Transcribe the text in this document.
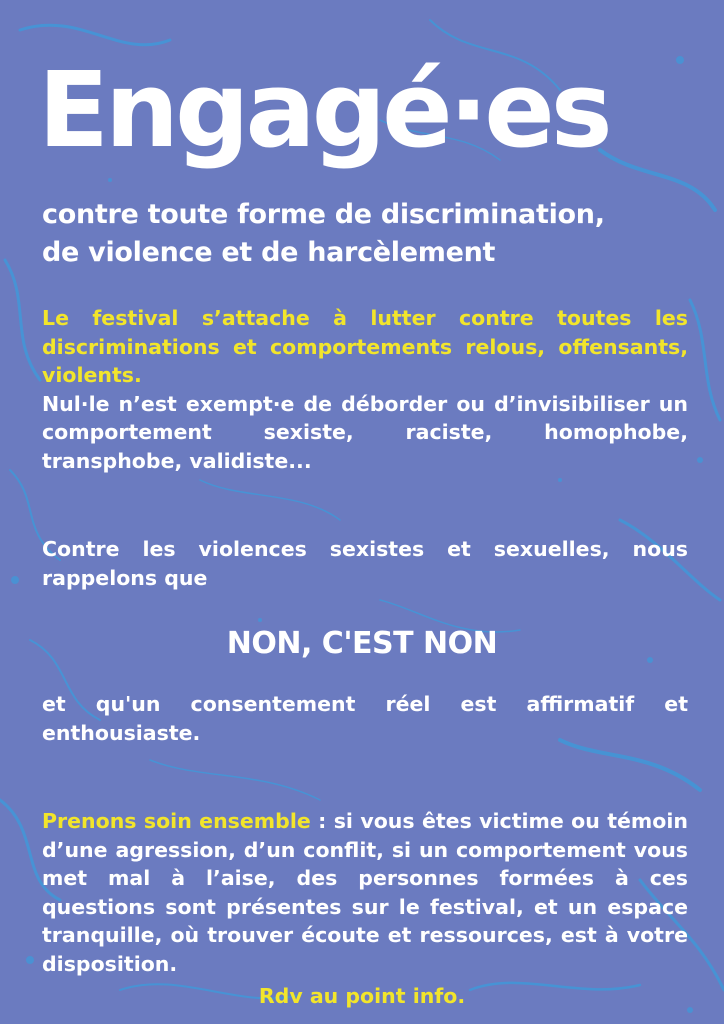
Engagé·es
contre toute forme de discrimination,
de violence et de harcèlement
Le festival s’attache à lutter contre toutes les discriminations et comportements relous, offensants, violents.
Nul·le n’est exempt·e de déborder ou d’invisibiliser un comportement sexiste, raciste, homophobe, transphobe, validiste...
Contre les violences sexistes et sexuelles, nous rappelons que
NON, C'EST NON
et qu'un consentement réel est affirmatif et enthousiaste.
Prenons soin ensemble : si vous êtes victime ou témoin d’une agression, d’un conflit, si un comportement vous met mal à l’aise, des personnes formées à ces questions sont présentes sur le festival, et un espace tranquille, où trouver écoute et ressources, est à votre disposition.
Rdv au point info.
